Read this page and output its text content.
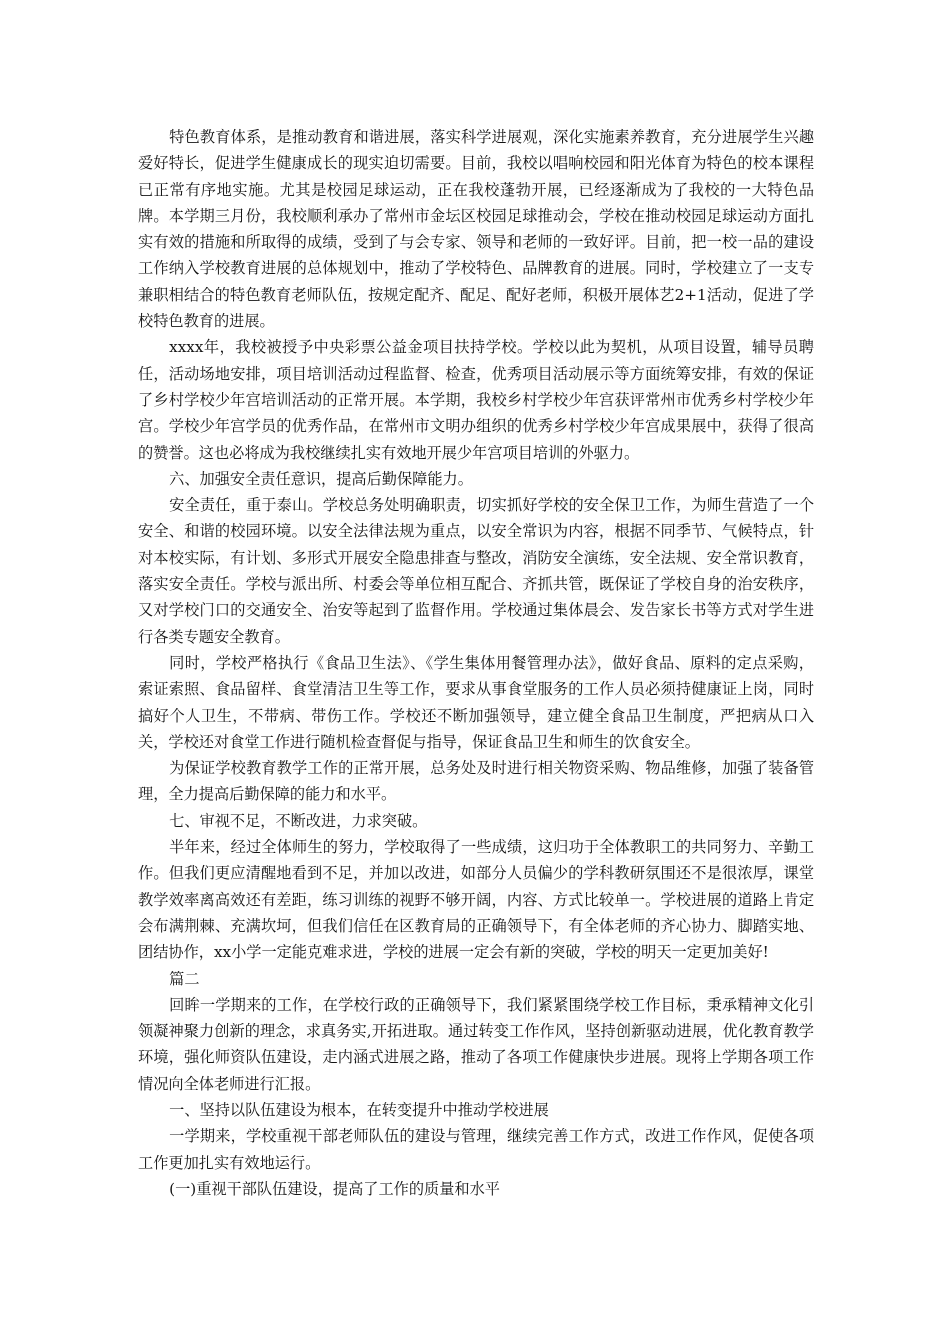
特色教育体系，是推动教育和谐进展，落实科学进展观，深化实施素养教育，充分进展学生兴趣爱好特长，促进学生健康成长的现实迫切需要。目前，我校以唱响校园和阳光体育为特色的校本课程已正常有序地实施。尤其是校园足球运动，正在我校蓬勃开展，已经逐渐成为了我校的一大特色品牌。本学期三月份，我校顺利承办了常州市金坛区校园足球推动会，学校在推动校园足球运动方面扎实有效的措施和所取得的成绩，受到了与会专家、领导和老师的一致好评。目前，把一校一品的建设工作纳入学校教育进展的总体规划中，推动了学校特色、品牌教育的进展。同时，学校建立了一支专兼职相结合的特色教育老师队伍，按规定配齐、配足、配好老师，积极开展体艺2+1活动，促进了学校特色教育的进展。

xxxx年，我校被授予中央彩票公益金项目扶持学校。学校以此为契机，从项目设置，辅导员聘任，活动场地安排，项目培训活动过程监督、检查，优秀项目活动展示等方面统筹安排，有效的保证了乡村学校少年宫培训活动的正常开展。本学期，我校乡村学校少年宫获评常州市优秀乡村学校少年宫。学校少年宫学员的优秀作品，在常州市文明办组织的优秀乡村学校少年宫成果展中，获得了很高的赞誉。这也必将成为我校继续扎实有效地开展少年宫项目培训的外驱力。

六、加强安全责任意识，提高后勤保障能力。

安全责任，重于泰山。学校总务处明确职责，切实抓好学校的安全保卫工作，为师生营造了一个安全、和谐的校园环境。以安全法律法规为重点，以安全常识为内容，根据不同季节、气候特点，针对本校实际，有计划、多形式开展安全隐患排查与整改，消防安全演练，安全法规、安全常识教育，落实安全责任。学校与派出所、村委会等单位相互配合、齐抓共管，既保证了学校自身的治安秩序，又对学校门口的交通安全、治安等起到了监督作用。学校通过集体晨会、发告家长书等方式对学生进行各类专题安全教育。

同时，学校严格执行《食品卫生法》、《学生集体用餐管理办法》，做好食品、原料的定点采购，索证索照、食品留样、食堂清洁卫生等工作，要求从事食堂服务的工作人员必须持健康证上岗，同时搞好个人卫生，不带病、带伤工作。学校还不断加强领导，建立健全食品卫生制度，严把病从口入关，学校还对食堂工作进行随机检查督促与指导，保证食品卫生和师生的饮食安全。

为保证学校教育教学工作的正常开展，总务处及时进行相关物资采购、物品维修，加强了装备管理，全力提高后勤保障的能力和水平。

七、审视不足，不断改进，力求突破。

半年来，经过全体师生的努力，学校取得了一些成绩，这归功于全体教职工的共同努力、辛勤工作。但我们更应清醒地看到不足，并加以改进，如部分人员偏少的学科教研氛围还不是很浓厚，课堂教学效率离高效还有差距，练习训练的视野不够开阔，内容、方式比较单一。学校进展的道路上肯定会布满荆棘、充满坎坷，但我们信任在区教育局的正确领导下，有全体老师的齐心协力、脚踏实地、团结协作，xx小学一定能克难求进，学校的进展一定会有新的突破，学校的明天一定更加美好!

篇二

回眸一学期来的工作，在学校行政的正确领导下，我们紧紧围绕学校工作目标，秉承精神文化引领凝神聚力创新的理念，求真务实,开拓进取。通过转变工作作风，坚持创新驱动进展，优化教育教学环境，强化师资队伍建设，走内涵式进展之路，推动了各项工作健康快步进展。现将上学期各项工作情况向全体老师进行汇报。

一、坚持以队伍建设为根本，在转变提升中推动学校进展

一学期来，学校重视干部老师队伍的建设与管理，继续完善工作方式，改进工作作风，促使各项工作更加扎实有效地运行。

(一)重视干部队伍建设，提高了工作的质量和水平
